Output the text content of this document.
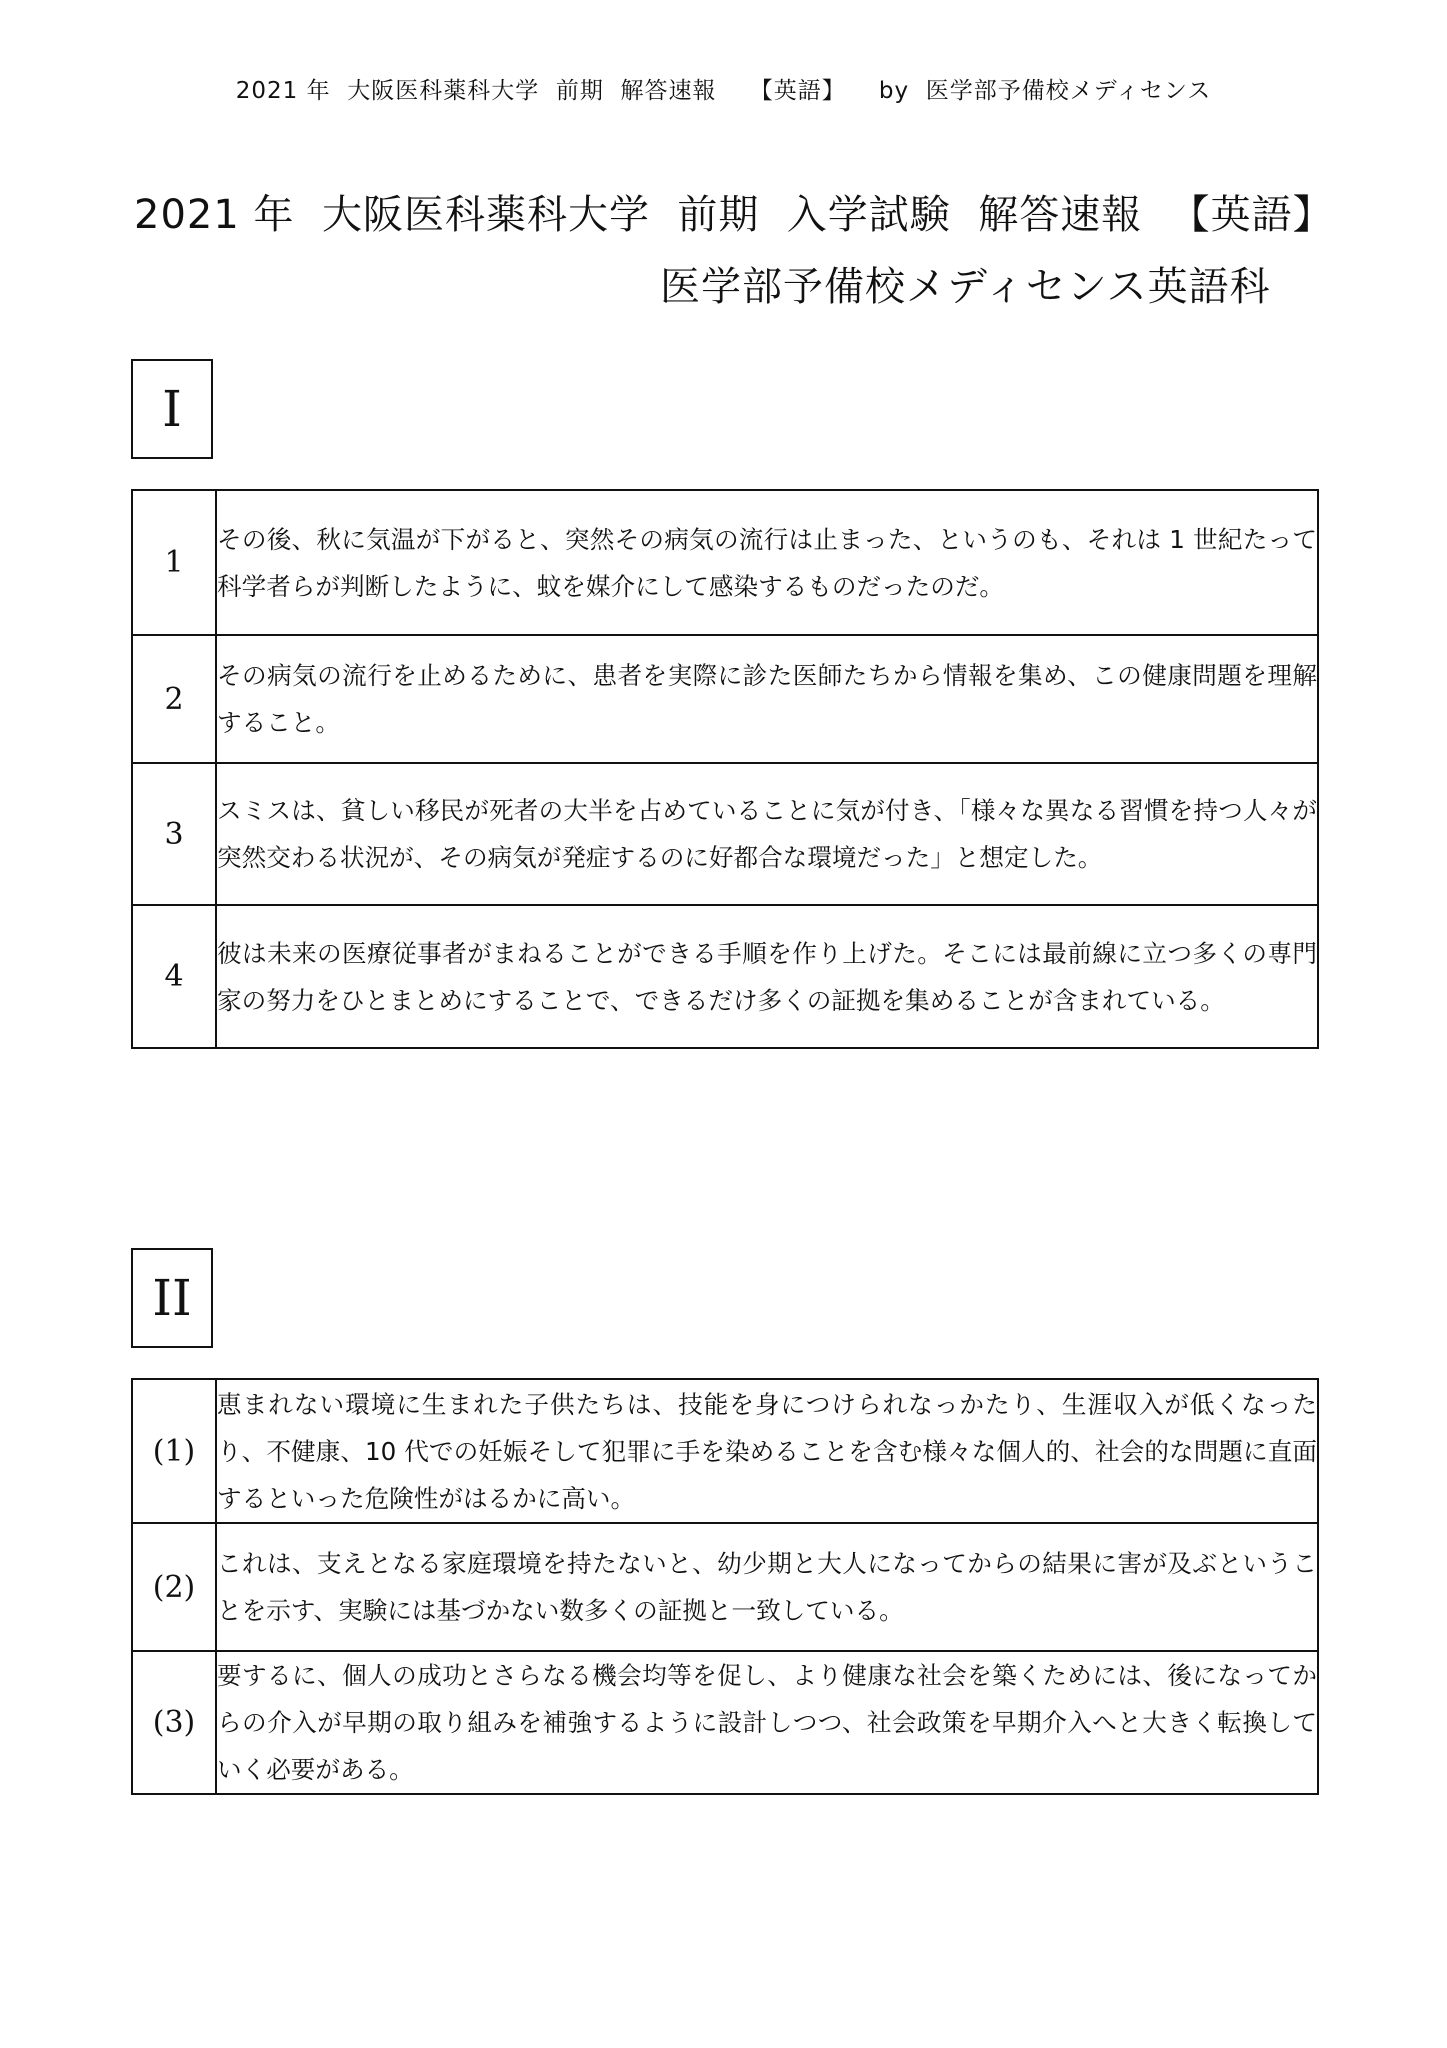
2021 年  大阪医科薬科大学  前期  解答速報    【英語】    by  医学部予備校メディセンス
2021 年  大阪医科薬科大学  前期  入学試験  解答速報  【英語】
医学部予備校メディセンス英語科
I
1	その後、秋に気温が下がると、突然その病気の流行は止まった、というのも、それは 1 世紀たって科学者らが判断したように、蚊を媒介にして感染するものだったのだ。
2	その病気の流行を止めるために、患者を実際に診た医師たちから情報を集め、この健康問題を理解すること。
3	スミスは、貧しい移民が死者の大半を占めていることに気が付き、「様々な異なる習慣を持つ人々が突然交わる状況が、その病気が発症するのに好都合な環境だった」と想定した。
4	彼は未来の医療従事者がまねることができる手順を作り上げた。そこには最前線に立つ多くの専門家の努力をひとまとめにすることで、できるだけ多くの証拠を集めることが含まれている。
II
(1)	恵まれない環境に生まれた子供たちは、技能を身につけられなっかたり、生涯収入が低くなったり、不健康、10 代での妊娠そして犯罪に手を染めることを含む様々な個人的、社会的な問題に直面するといった危険性がはるかに高い。
(2)	これは、支えとなる家庭環境を持たないと、幼少期と大人になってからの結果に害が及ぶということを示す、実験には基づかない数多くの証拠と一致している。
(3)	要するに、個人の成功とさらなる機会均等を促し、より健康な社会を築くためには、後になってからの介入が早期の取り組みを補強するように設計しつつ、社会政策を早期介入へと大きく転換していく必要がある。
